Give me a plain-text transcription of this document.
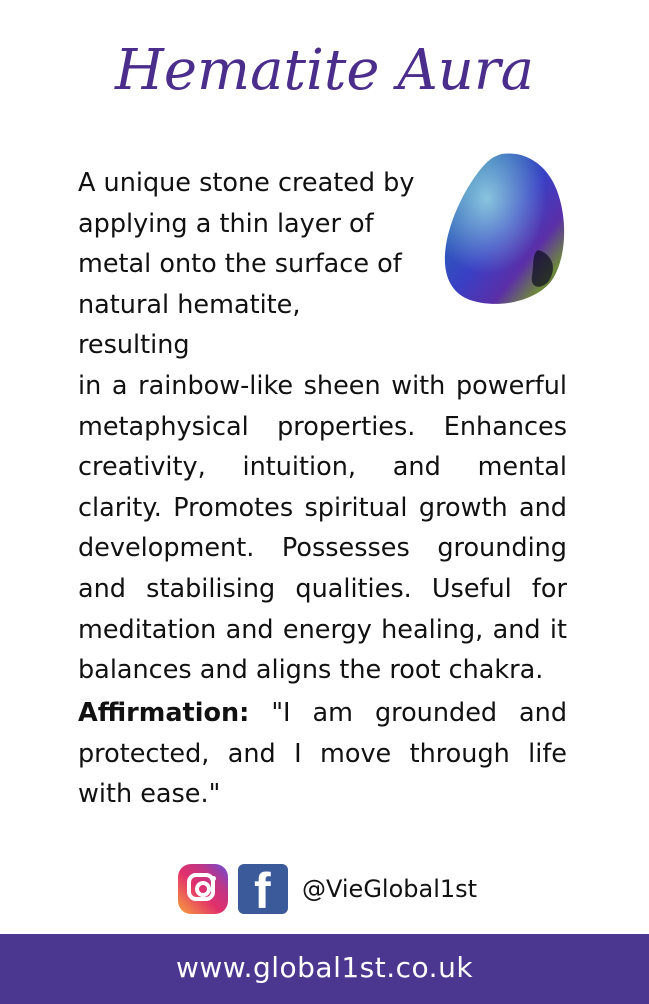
Hematite Aura
A unique stone created by
applying a thin layer of
metal onto the surface of
natural hematite, resulting
in a rainbow-like sheen with powerful metaphysical properties. Enhances creativity, intuition, and mental clarity. Promotes spiritual growth and development. Possesses grounding and stabilising qualities. Useful for meditation and energy healing, and it balances and aligns the root chakra.
Affirmation: "I am grounded and protected, and I move through life with ease."
f @VieGlobal1st
www.global1st.co.uk
